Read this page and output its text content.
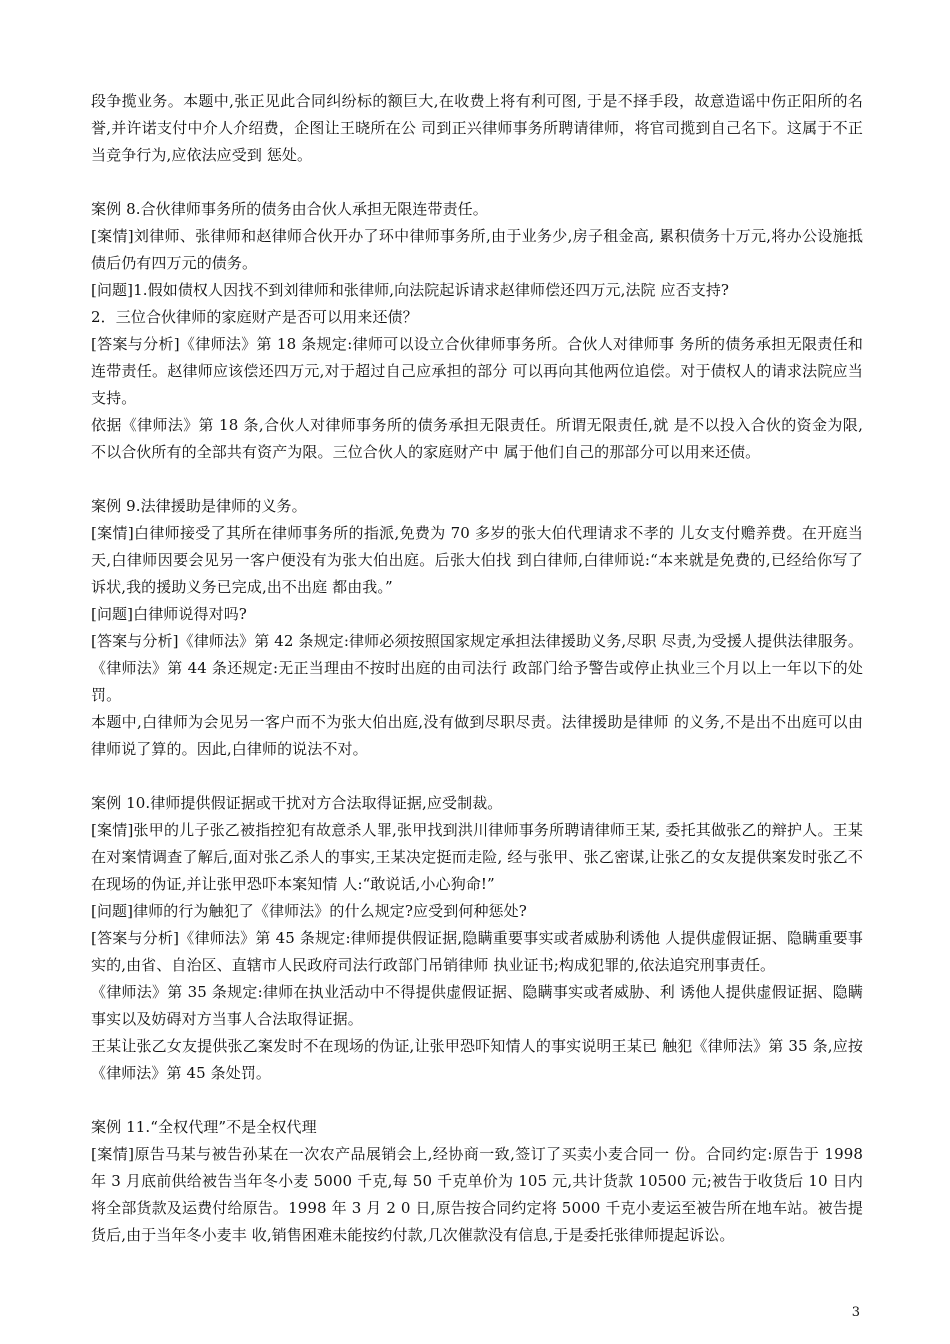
段争揽业务。本题中,张正见此合同纠纷标的额巨大,在收费上将有利可图, 于是不择手段，故意造谣中伤正阳所的名誉,并许诺支付中介人介绍费，企图让王晓所在公 司到正兴律师事务所聘请律师，将官司揽到自己名下。这属于不正当竞争行为,应依法应受到 惩处。

案例 8.合伙律师事务所的债务由合伙人承担无限连带责任。

[案情]刘律师、张律师和赵律师合伙开办了环中律师事务所,由于业务少,房子租金高, 累积债务十万元,将办公设施抵债后仍有四万元的债务。

[问题]1.假如债权人因找不到刘律师和张律师,向法院起诉请求赵律师偿还四万元,法院 应否支持?

2．三位合伙律师的家庭财产是否可以用来还债？

[答案与分析]《律师法》第 18 条规定:律师可以设立合伙律师事务所。合伙人对律师事 务所的债务承担无限责任和连带责任。赵律师应该偿还四万元,对于超过自己应承担的部分 可以再向其他两位追偿。对于债权人的请求法院应当支持。

依据《律师法》第 18 条,合伙人对律师事务所的债务承担无限责任。所谓无限责任,就 是不以投入合伙的资金为限,不以合伙所有的全部共有资产为限。三位合伙人的家庭财产中 属于他们自己的那部分可以用来还债。

案例 9.法律援助是律师的义务。

[案情]白律师接受了其所在律师事务所的指派,免费为 70 多岁的张大伯代理请求不孝的 儿女支付赡养费。在开庭当天,白律师因要会见另一客户便没有为张大伯出庭。后张大伯找 到白律师,白律师说:“本来就是免费的,已经给你写了诉状,我的援助义务已完成,出不出庭 都由我。”

[问题]白律师说得对吗?

[答案与分析]《律师法》第 42 条规定:律师必须按照国家规定承担法律援助义务,尽职 尽责,为受援人提供法律服务。《律师法》第 44 条还规定:无正当理由不按时出庭的由司法行 政部门给予警告或停止执业三个月以上一年以下的处罚。

本题中,白律师为会见另一客户而不为张大伯出庭,没有做到尽职尽责。法律援助是律师 的义务,不是出不出庭可以由律师说了算的。因此,白律师的说法不对。

案例 10.律师提供假证据或干扰对方合法取得证据,应受制裁。

[案情]张甲的儿子张乙被指控犯有故意杀人罪,张甲找到洪川律师事务所聘请律师王某, 委托其做张乙的辩护人。王某在对案情调查了解后,面对张乙杀人的事实,王某决定挺而走险, 经与张甲、张乙密谋,让张乙的女友提供案发时张乙不在现场的伪证,并让张甲恐吓本案知情 人:“敢说话,小心狗命!”

[问题]律师的行为触犯了《律师法》的什么规定?应受到何种惩处?

[答案与分析]《律师法》第 45 条规定:律师提供假证据,隐瞒重要事实或者威胁利诱他 人提供虚假证据、隐瞒重要事实的,由省、自治区、直辖市人民政府司法行政部门吊销律师 执业证书;构成犯罪的,依法追究刑事责任。

《律师法》第 35 条规定:律师在执业活动中不得提供虚假证据、隐瞒事实或者威胁、利 诱他人提供虚假证据、隐瞒事实以及妨碍对方当事人合法取得证据。

王某让张乙女友提供张乙案发时不在现场的伪证,让张甲恐吓知情人的事实说明王某已 触犯《律师法》第 35 条,应按《律师法》第 45 条处罚。

案例 11.“全权代理”不是全权代理

[案情]原告马某与被告孙某在一次农产品展销会上,经协商一致,签订了买卖小麦合同一 份。合同约定:原告于 1998 年 3 月底前供给被告当年冬小麦 5000 千克,每 50 千克单价为 105 元,共计货款 10500 元;被告于收货后 10 日内将全部货款及运费付给原告。1998 年 3 月 2 0 日,原告按合同约定将 5000 千克小麦运至被告所在地车站。被告提货后,由于当年冬小麦丰 收,销售困难未能按约付款,几次催款没有信息,于是委托张律师提起诉讼。

3
